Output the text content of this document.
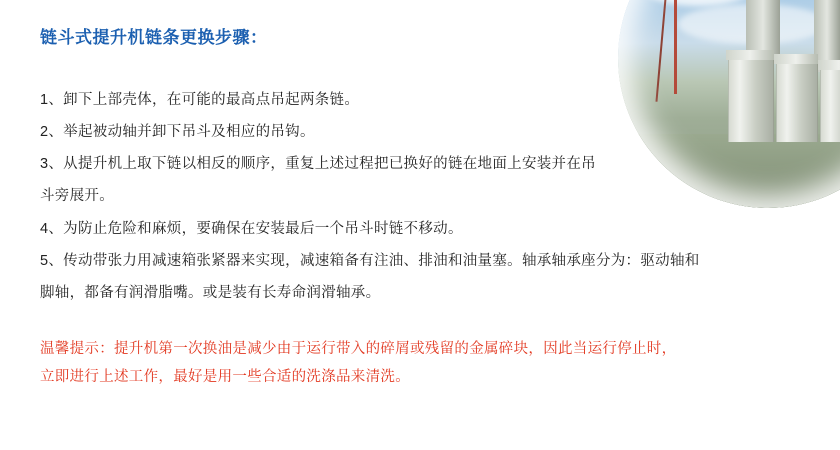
链斗式提升机链条更换步骤：
1、卸下上部壳体，在可能的最高点吊起两条链。
2、举起被动轴并卸下吊斗及相应的吊钩。
3、从提升机上取下链以相反的顺序，重复上述过程把已换好的链在地面上安装并在吊
斗旁展开。
4、为防止危险和麻烦，要确保在安装最后一个吊斗时链不移动。
5、传动带张力用减速箱张紧器来实现，减速箱备有注油、排油和油量塞。轴承轴承座分为：驱动轴和
脚轴，都备有润滑脂嘴。或是装有长寿命润滑轴承。
温馨提示：提升机第一次换油是减少由于运行带入的碎屑或残留的金属碎块，因此当运行停止时，
立即进行上述工作，最好是用一些合适的洗涤品来清洗。
